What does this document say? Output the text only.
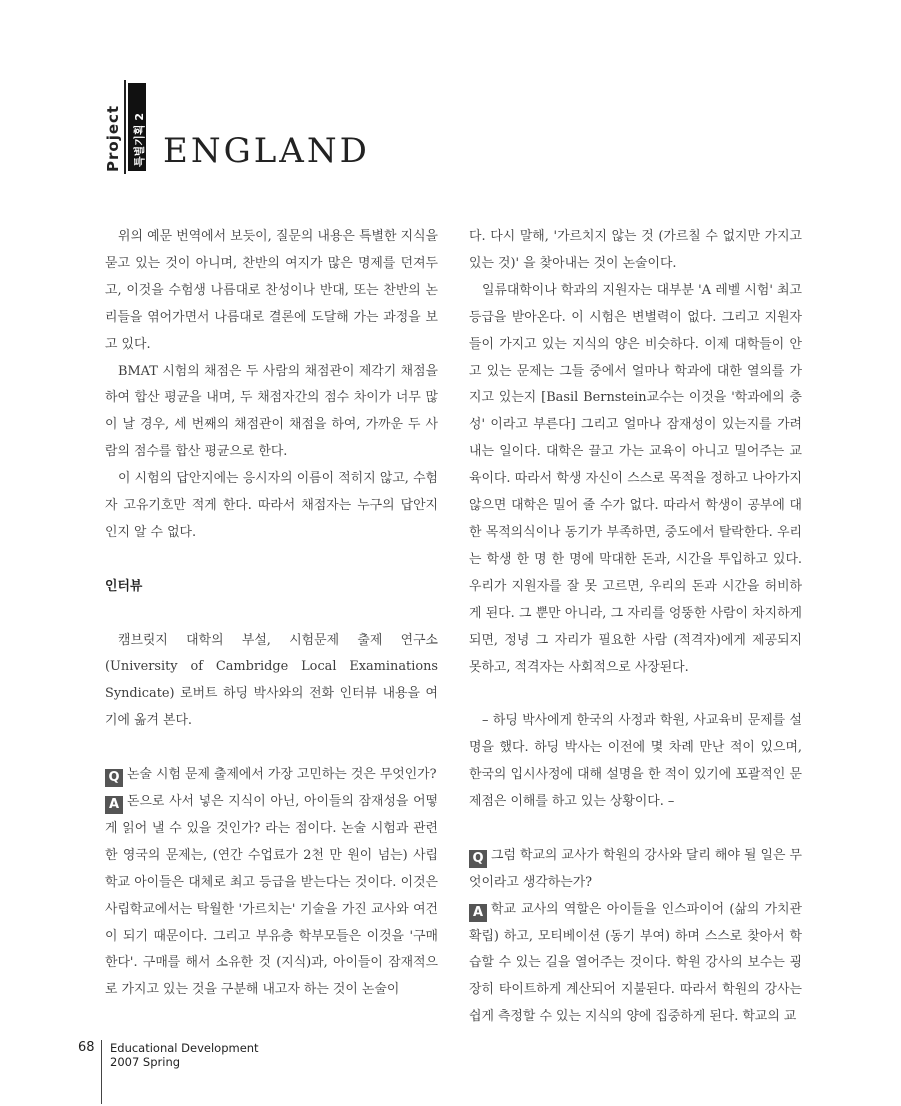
Project 특별기획 2 ENGLAND

위의 예문 번역에서 보듯이, 질문의 내용은 특별한 지식을 묻고 있는 것이 아니며, 찬반의 여지가 많은 명제를 던져두고, 이것을 수험생 나름대로 찬성이나 반대, 또는 찬반의 논리들을 엮어가면서 나름대로 결론에 도달해 가는 과정을 보고 있다.

BMAT 시험의 채점은 두 사람의 채점관이 제각기 채점을 하여 합산 평균을 내며, 두 채점자간의 점수 차이가 너무 많이 날 경우, 세 번째의 채점관이 채점을 하여, 가까운 두 사람의 점수를 합산 평균으로 한다.

이 시험의 답안지에는 응시자의 이름이 적히지 않고, 수험자 고유기호만 적게 한다. 따라서 채점자는 누구의 답안지 인지 알 수 없다.

인터뷰

캠브릿지 대학의 부설, 시험문제 출제 연구소(University of Cambridge Local Examinations Syndicate) 로버트 하딩 박사와의 전화 인터뷰 내용을 여기에 옮겨 본다.

Q 논술 시험 문제 출제에서 가장 고민하는 것은 무엇인가?

A 돈으로 사서 넣은 지식이 아닌, 아이들의 잠재성을 어떻게 읽어 낼 수 있을 것인가? 라는 점이다. 논술 시험과 관련한 영국의 문제는, (연간 수업료가 2천 만 원이 넘는) 사립학교 아이들은 대체로 최고 등급을 받는다는 것이다. 이것은 사립학교에서는 탁월한 '가르치는' 기술을 가진 교사와 여건이 되기 때문이다. 그리고 부유층 학부모들은 이것을 '구매한다'. 구매를 해서 소유한 것 (지식)과, 아이들이 잠재적으로 가지고 있는 것을 구분해 내고자 하는 것이 논술이

다. 다시 말해, '가르치지 않는 것 (가르칠 수 없지만 가지고 있는 것)' 을 찾아내는 것이 논술이다.

일류대학이나 학과의 지원자는 대부분 'A 레벨 시험' 최고등급을 받아온다. 이 시험은 변별력이 없다. 그리고 지원자들이 가지고 있는 지식의 양은 비슷하다. 이제 대학들이 안고 있는 문제는 그들 중에서 얼마나 학과에 대한 열의를 가지고 있는지 [Basil Bernstein교수는 이것을 '학과에의 충성' 이라고 부른다] 그리고 얼마나 잠재성이 있는지를 가려내는 일이다. 대학은 끌고 가는 교육이 아니고 밀어주는 교육이다. 따라서 학생 자신이 스스로 목적을 정하고 나아가지 않으면 대학은 밀어 줄 수가 없다. 따라서 학생이 공부에 대한 목적의식이나 동기가 부족하면, 중도에서 탈락한다. 우리는 학생 한 명 한 명에 막대한 돈과, 시간을 투입하고 있다. 우리가 지원자를 잘 못 고르면, 우리의 돈과 시간을 허비하게 된다. 그 뿐만 아니라, 그 자리를 엉뚱한 사람이 차지하게 되면, 정녕 그 자리가 필요한 사람 (적격자)에게 제공되지 못하고, 적격자는 사회적으로 사장된다.

– 하딩 박사에게 한국의 사정과 학원, 사교육비 문제를 설명을 했다. 하딩 박사는 이전에 몇 차례 만난 적이 있으며, 한국의 입시사정에 대해 설명을 한 적이 있기에 포괄적인 문제점은 이해를 하고 있는 상황이다. –

Q 그럼 학교의 교사가 학원의 강사와 달리 해야 될 일은 무엇이라고 생각하는가?

A 학교 교사의 역할은 아이들을 인스파이어 (삶의 가치관 확립) 하고, 모티베이션 (동기 부여) 하며 스스로 찾아서 학습할 수 있는 길을 열어주는 것이다. 학원 강사의 보수는 굉장히 타이트하게 계산되어 지불된다. 따라서 학원의 강사는 쉽게 측정할 수 있는 지식의 양에 집중하게 된다. 학교의 교

68 Educational Development
2007 Spring
